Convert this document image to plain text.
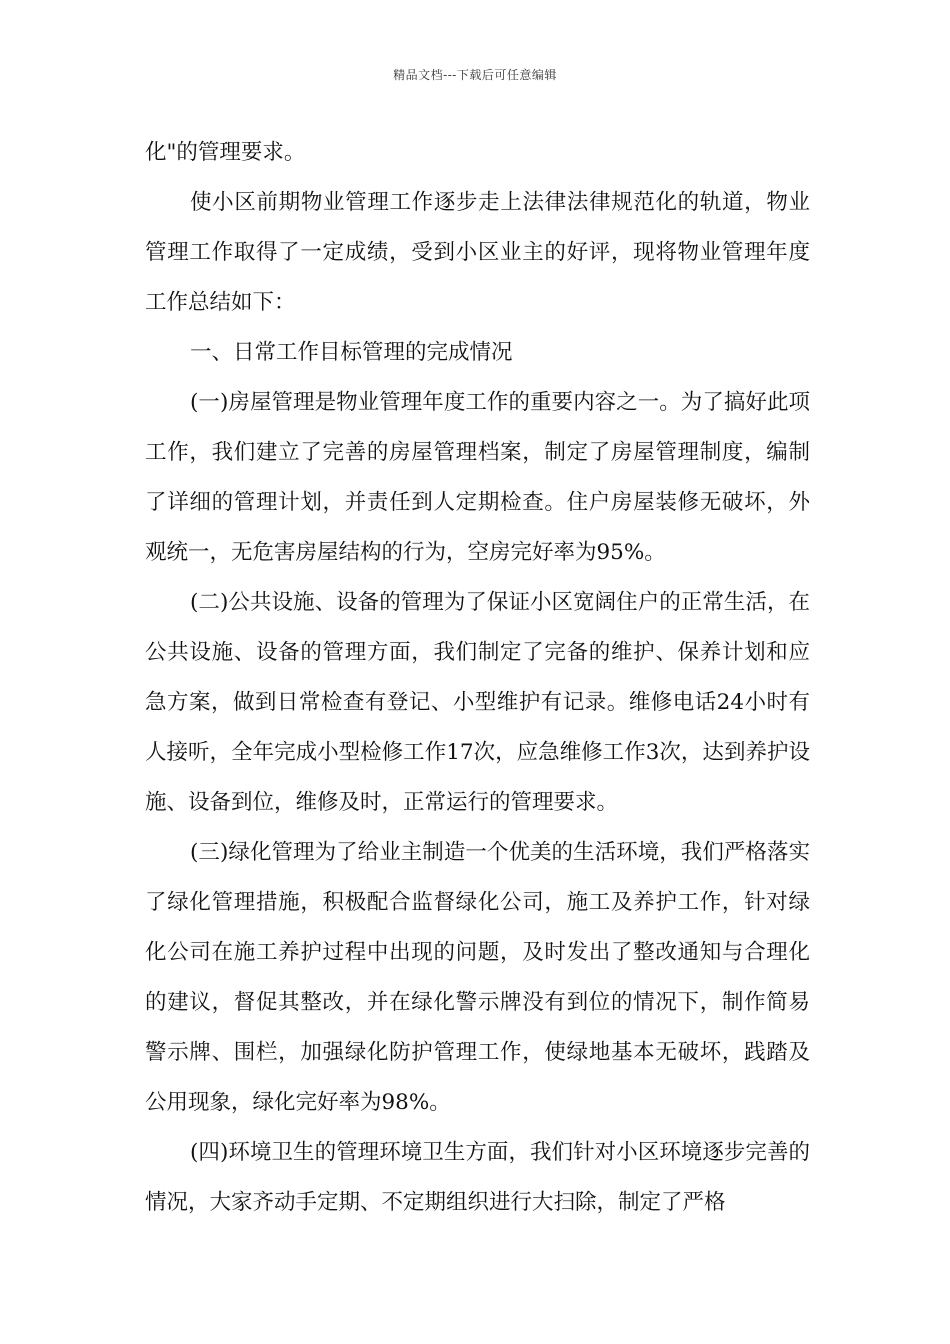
精品文档---下载后可任意编辑

化"的管理要求。

使小区前期物业管理工作逐步走上法律法律规范化的轨道，物业管理工作取得了一定成绩，受到小区业主的好评，现将物业管理年度工作总结如下：

一、日常工作目标管理的完成情况

(一)房屋管理是物业管理年度工作的重要内容之一。为了搞好此项工作，我们建立了完善的房屋管理档案，制定了房屋管理制度，编制了详细的管理计划，并责任到人定期检查。住户房屋装修无破坏，外观统一，无危害房屋结构的行为，空房完好率为95%。

(二)公共设施、设备的管理为了保证小区宽阔住户的正常生活，在公共设施、设备的管理方面，我们制定了完备的维护、保养计划和应急方案，做到日常检查有登记、小型维护有记录。维修电话24小时有人接听，全年完成小型检修工作17次，应急维修工作3次，达到养护设施、设备到位，维修及时，正常运行的管理要求。

(三)绿化管理为了给业主制造一个优美的生活环境，我们严格落实了绿化管理措施，积极配合监督绿化公司，施工及养护工作，针对绿化公司在施工养护过程中出现的问题，及时发出了整改通知与合理化的建议，督促其整改，并在绿化警示牌没有到位的情况下，制作简易警示牌、围栏，加强绿化防护管理工作，使绿地基本无破坏，践踏及公用现象，绿化完好率为98%。

(四)环境卫生的管理环境卫生方面，我们针对小区环境逐步完善的情况，大家齐动手定期、不定期组织进行大扫除，制定了严格
